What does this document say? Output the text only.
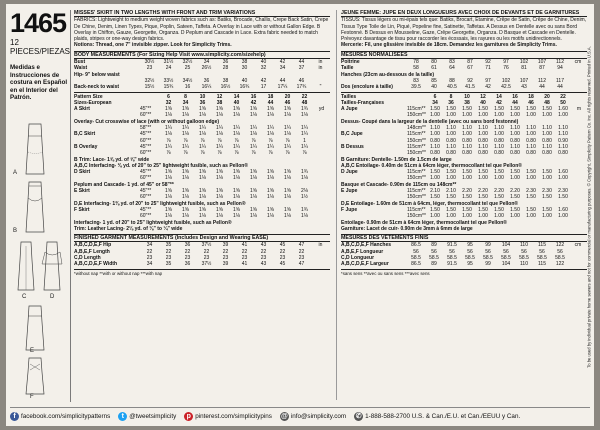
1465
12 PIECES/PIEZAS
Medidas e Instrucciones de costura en Español en el Interior del Patrón.
A
B
C	D
E
F
MISSES' SKIRT IN TWO LENGTHS WITH FRONT AND TRIM VARIATIONS
FABRICS: Lightweight to medium weight woven fabrics such as: Batiks, Brocade, Challis, Crepe Back Satin, Crepe De Chine, Denim, Linen Types, Pique, Poplin, Sateen, Taffeta. A Overlay in Lace with or without Gallon Edge. B Overlay in Chiffon, Gauze, Georgette, Organza. D Peplum and Cascade in Lace. Extra fabric needed to match plaids, stripes or one-way design fabrics.
Notions: Thread, one 7" invisible zipper. Look for Simplicity Trims.
BODY MEASUREMENTS (For Sizing Help Visit www.simplicity.com/sizehelp)
Bust	30½	31½	32½	34	36	38	40	42	44	in
Waist	23	24	25	26½	28	30	32	34	37	in
Hip- 9" below waist										
	32½	33½	34½	36	38	40	42	44	46	
Back-neck to waist	15½	15¾	16	16¼	16½	16¾	17	17¼	17¾	"
Pattern Size		6	8	10	12	14	16	18	20	22	
Sizes-European		32	34	36	38	40	42	44	46	48	
A Skirt	45"**	1⅝	1⅝	1⅝	1⅝	1⅝	1⅝	1⅝	1⅝	1¾	yd
	60"**	1⅛	1⅛	1⅛	1⅛	1⅛	1⅛	1⅛	1⅛	1⅛	
Overlay- Cut crosswise of lace (with or without galloon edge)											
	58"**	1¼	1¼	1¼	1¼	1¼	1¼	1¼	1¼	1¼	
B,C Skirt	45"**	1⅛	1⅛	1⅛	1⅛	1⅛	1⅛	1⅛	1⅛	1¼	
	60"**	⅞	⅞	⅞	⅞	⅞	⅞	⅞	⅞	1	
B Overlay	45"**	1¼	1¼	1¼	1¼	1¼	1¼	1¼	1¼	1¼	
	60"**	⅞	⅞	⅞	⅞	⅞	⅞	⅞	⅞	⅞	
B Trim: Lace- 1⅝ yd. of ⅝" wide											
A,B,C Interfacing- ⅜ yd. of 20" to 25" lightweight fusible, such as Pellon®											
D Skirt	45"**	1⅝	1⅝	1⅝	1⅝	1⅝	1⅝	1⅝	1⅝	1¾	
	60"**	1⅛	1⅛	1⅛	1⅛	1⅛	1⅛	1⅛	1⅛	1⅛	
Peplum and Cascade- 1 yd. of 45" or 58"**											
E Skirt	45"**	1⅝	1⅝	1⅝	1⅝	1⅝	1⅝	1⅝	1⅝	2⅛	
	60"**	1⅛	1⅛	1⅛	1⅛	1⅛	1⅛	1⅛	1⅛	1½	
D,E Interfacing- 1⅜ yd. of 20" to 25" lightweight fusible, such as Pellon®											
F Skirt	45"**	1⅝	1⅝	1⅝	1⅝	1⅝	1⅝	1⅝	1⅝	1¾	
	60"**	1⅛	1⅛	1⅛	1⅛	1⅛	1⅛	1⅛	1⅛	1⅛	
Interfacing- 1 yd. of 20" to 25" lightweight fusible, such as Pellon®											
Trim: Leather Lacing- 2⅛ yd. of ⅛" to ¼" wide											
FINISHED GARMENT MEASUREMENTS (Includes Design and Wearing EASE)
A,B,C,D,E,F Hip	34	35	36	37½	39	41	43	45	47	in
A,B,E,F Length	22	22	22	22	22	22	22	22	22	
C,D Length	23	23	23	23	23	23	23	23	23	
A,B,C,D,E,F Width	34	35	36	37½	39	41	43	45	47	
*without nap **with or without nap ***with nap
JEUNE FEMME: JUPE EN DEUX LONGUEURS AVEC CHOIX DE DEVANTS ET DE GARNITURES
TISSUS: Tissus légers ou mi-épais tels que: Batiks, Brocart, Étamine, Crêpe de Satin, Crêpe de Chine, Denim, Tissus Type Toile de Lin, Piqué, Popeline fine, Satinette, Taffetas. A Dessus en Dentelle avec ou sans Bord Festonné. B Dessus en Mousseline, Gaze, Crêpe Georgette, Organza. D Basque et Cascade en Dentelle. Prévoyez davantage de tissu pour raccorder les écossais, les rayures ou les motifs unidirectionnels.
Mercerie: Fil, une glissière invisible de 18cm. Demandez les garnitures de Simplicity Trims.
MESURES NORMALISÉES
Poitrine	78	80	83	87	92	97	102	107	112	cm
Taille	58	61	64	67	71	76	81	87	94	
Hanches (23cm au-dessous de la taille)										
	83	85	88	92	97	102	107	112	117	
Dos (encolure à taille)	39.5	40	40.5	41.5	42	42.5	43	44	44	
Tailles		6	8	10	12	14	16	18	20	22	
Tailles-Françaises		34	36	38	40	42	44	46	48	50	
A Jupe	115cm**	1.50	1.50	1.50	1.50	1.50	1.50	1.50	1.50	1.60	m
	150cm**	1.00	1.00	1.00	1.00	1.00	1.00	1.00	1.00	1.00	
Dessus- Coupé dans la largeur de la dentelle (avec ou sans bord festonné)											
	148cm**	1.10	1.10	1.10	1.10	1.10	1.10	1.10	1.10	1.10	
B,C Jupe	115cm**	1.00	1.00	1.00	1.00	1.00	1.00	1.00	1.00	1.10	
	150cm**	0.80	0.80	0.80	0.80	0.80	0.80	0.80	0.80	0.90	
B Dessus	115cm**	1.10	1.10	1.10	1.10	1.10	1.10	1.10	1.10	1.10	
	150cm**	0.80	0.80	0.80	0.80	0.80	0.80	0.80	0.80	0.80	
B Garniture: Dentelle- 1.50m de 1.5cm de large											
A,B,C Entoilage- 0.40m de 51cm à 64cm léger, thermocollant tel que Pellon®											
D Jupe	115cm**	1.50	1.50	1.50	1.50	1.50	1.50	1.50	1.50	1.60	
	150cm**	1.00	1.00	1.00	1.00	1.00	1.00	1.00	1.00	1.00	
Basque et Cascade- 0.90m de 115cm ou 148cm**											
E Jupe	115cm**	2.10	2.10	2.20	2.20	2.20	2.20	2.30	2.30	2.30	
	150cm**	1.50	1.50	1.50	1.50	1.50	1.50	1.50	1.50	1.50	
D,E Entoilage- 1.60m de 51cm à 64cm, léger, thermocollant tel que Pellon®											
F Jupe	115cm**	1.50	1.50	1.50	1.50	1.50	1.50	1.50	1.50	1.60	
	150cm**	1.00	1.00	1.00	1.00	1.00	1.00	1.00	1.00	1.00	
Entoilage- 0.90m de 51cm à 64cm léger, thermocollant tel que Pellon®											
Garniture: Lacet de cuir- 0.90m de 3mm à 6mm de large											
MESURES DES VÊTEMENTS FINIS
A,B,C,D,E,F Hanches	86.5	89	91.5	95	99	104	110	115	122	cm
A,B,E,F Longueur	56	56	56	56	56	56	56	56	56	
C,D Longueur	58.5	58.5	58.5	58.5	58.5	58.5	58.5	58.5	58.5	
A,B,C,D,E,F Largeur	86.5	89	91.5	95	99	104	110	115	122	
*sans sens **avec ou sans sens ***avec sens	To be used by individual private home sewers and not for commercial or manufacturing purposes. © Copyright, Simplicity Pattern Co. Inc. All rights reserved. Printed in U.S.A.
f facebook.com/simplicitypatterns	t @tweetsimplicity	p pinterest.com/simplicitypins @ info@simplicity.com ✆ 1-888-588-2700 U.S. & Can./E.U. et Can./EEUU y Can.
